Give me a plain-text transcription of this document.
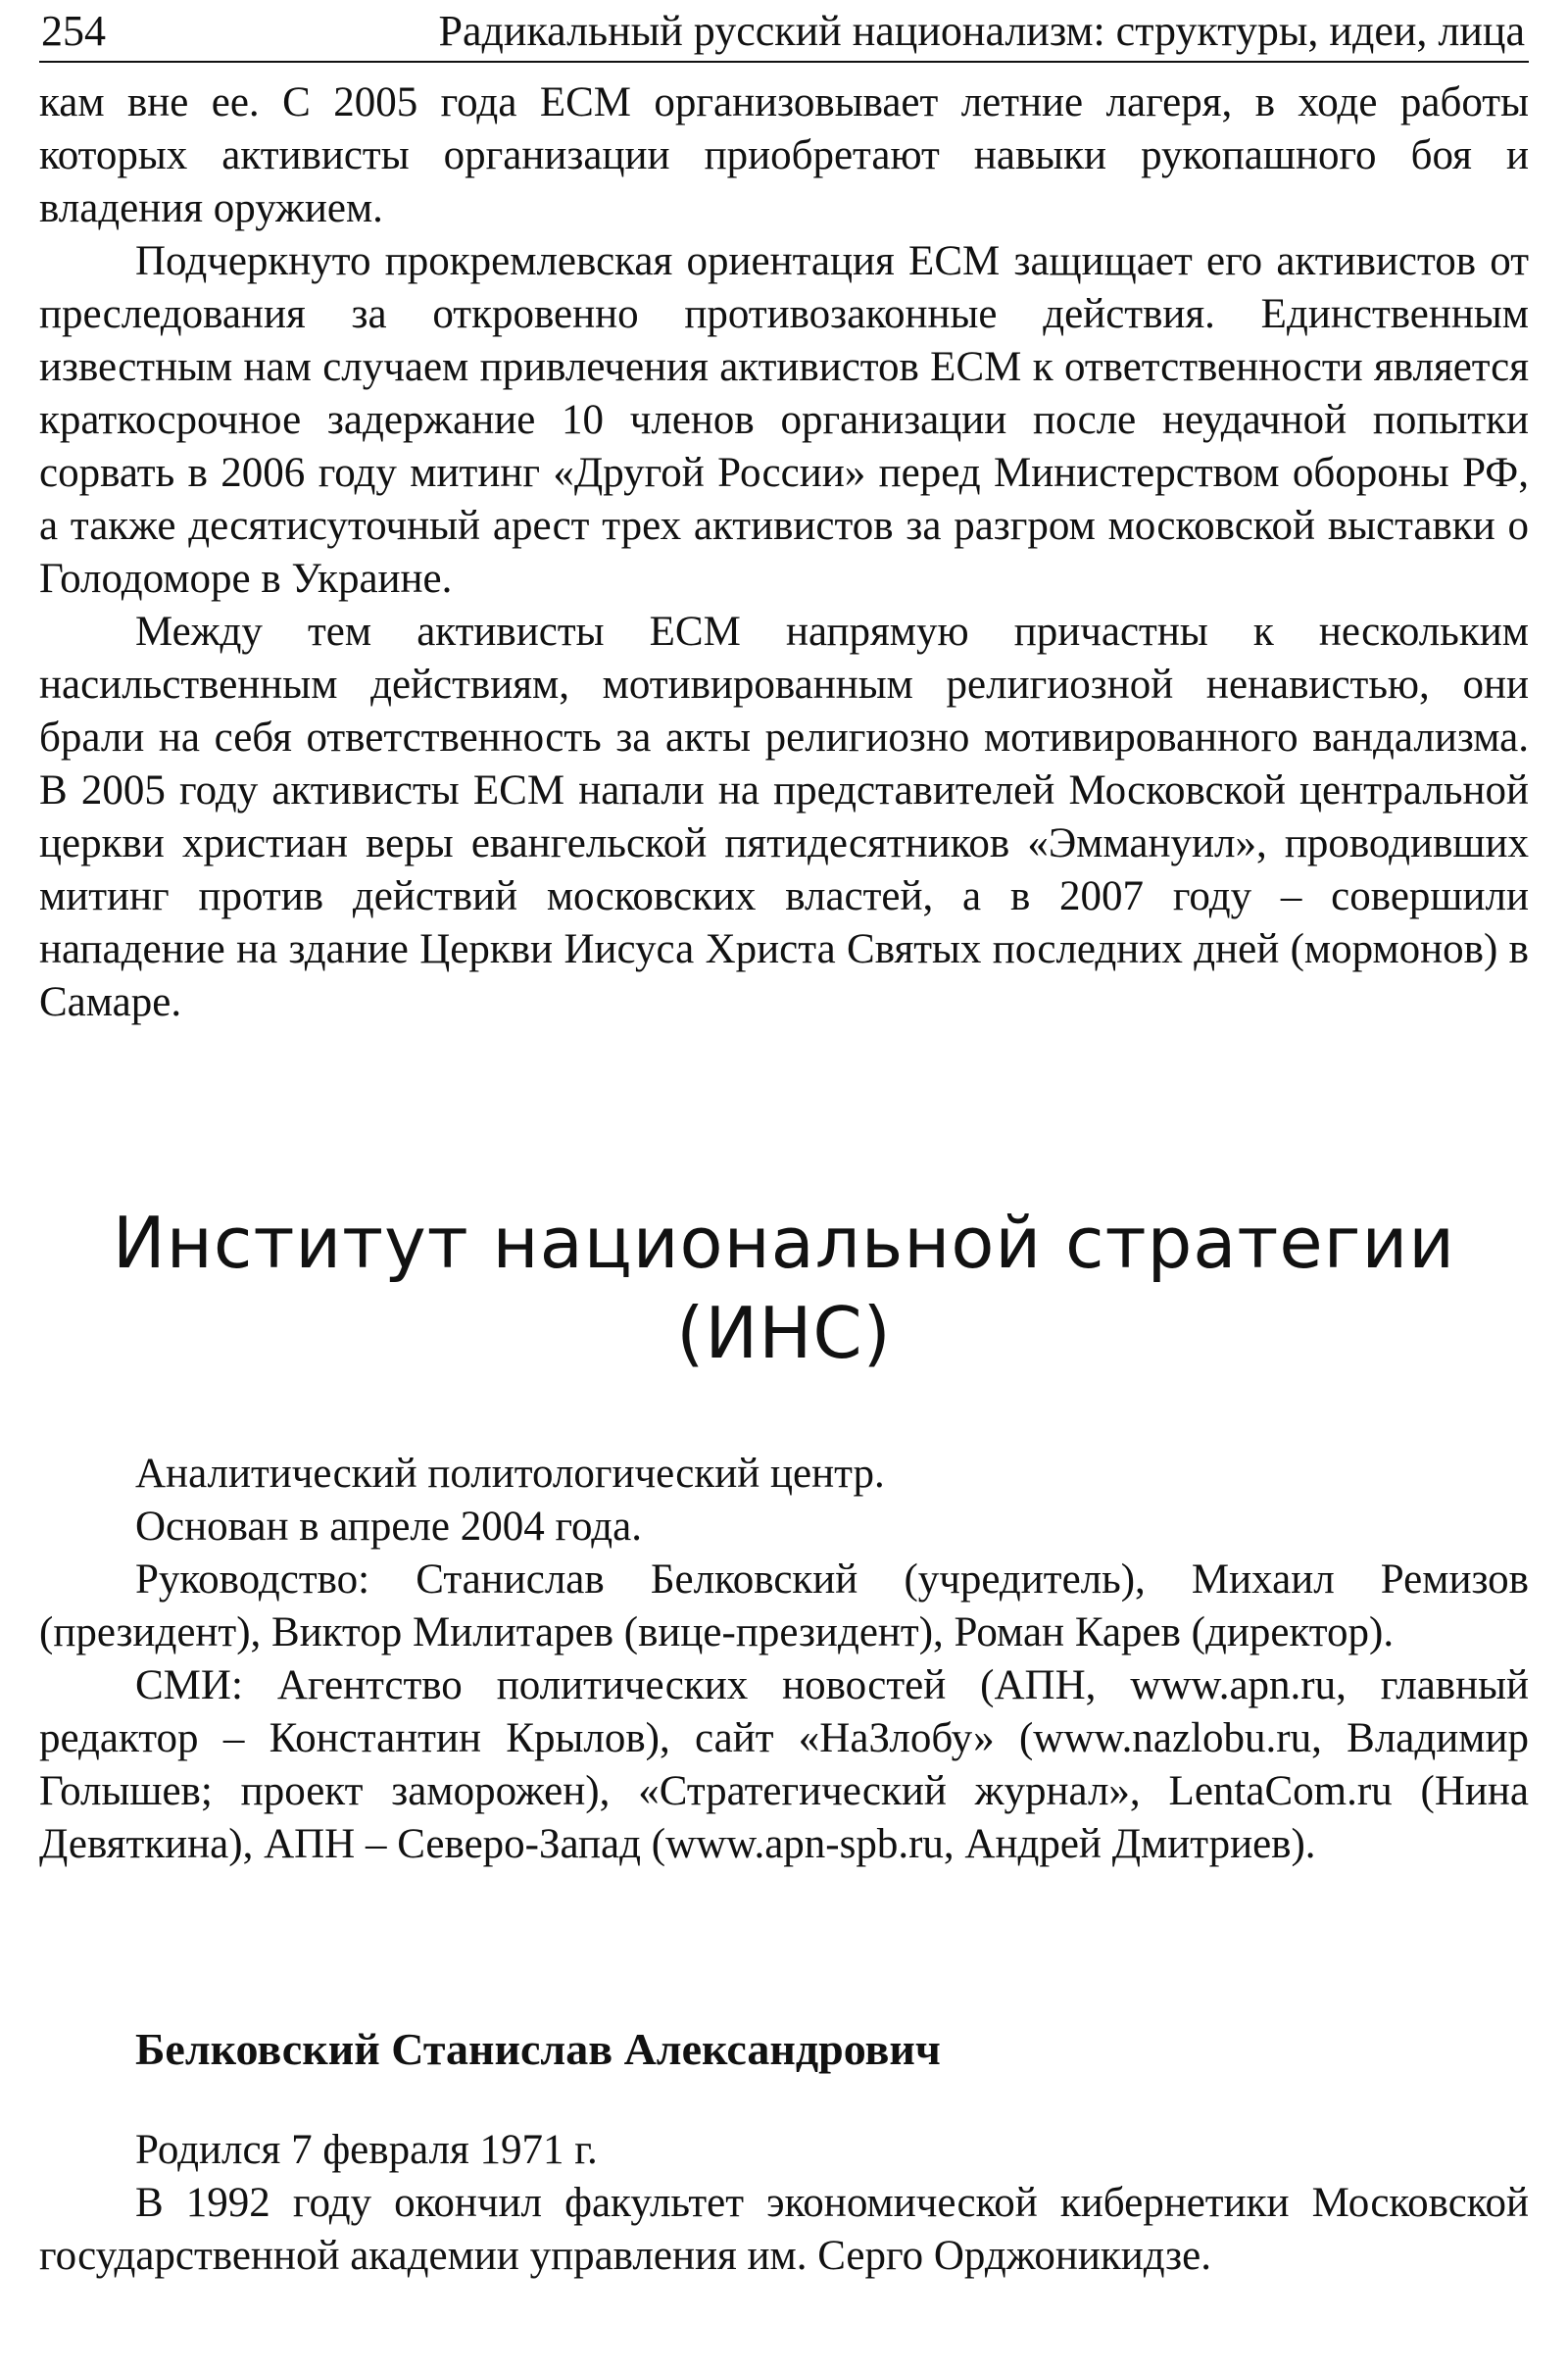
254	Радикальный русский национализм: структуры, идеи, лица

кам вне ее. С 2005 года ЕСМ организовывает летние лагеря, в ходе работы которых активисты организации приобретают навыки рукопашного боя и владения оружием.

Подчеркнуто прокремлевская ориентация ЕСМ защищает его активистов от преследования за откровенно противозаконные действия. Единственным известным нам случаем привлечения активистов ЕСМ к ответственности является краткосрочное задержание 10 членов организации после неудачной попытки сорвать в 2006 году митинг «Другой России» перед Министерством обороны РФ, а также десятисуточный арест трех активистов за разгром московской выставки о Голодоморе в Украине.

Между тем активисты ЕСМ напрямую причастны к нескольким насильственным действиям, мотивированным религиозной ненавистью, они брали на себя ответственность за акты религиозно мотивированного вандализма. В 2005 году активисты ЕСМ напали на представителей Московской центральной церкви христиан веры евангельской пятидесятников «Эммануил», проводивших митинг против действий московских властей, а в 2007 году – совершили нападение на здание Церкви Иисуса Христа Святых последних дней (мормонов) в Самаре.

Институт национальной стратегии
(ИНС)

Аналитический политологический центр.

Основан в апреле 2004 года.

Руководство: Станислав Белковский (учредитель), Михаил Ремизов (президент), Виктор Милитарев (вице-президент), Роман Карев (директор).

СМИ: Агентство политических новостей (АПН, www.apn.ru, главный редактор – Константин Крылов), сайт «НаЗлобу» (www.nazlobu.ru, Владимир Голышев; проект заморожен), «Стратегический журнал», LentaCom.ru (Нина Девяткина), АПН – Северо-Запад (www.apn-spb.ru, Андрей Дмитриев).

Белковский Станислав Александрович

Родился 7 февраля 1971 г.

В 1992 году окончил факультет экономической кибернетики Московской государственной академии управления им. Серго Орджоникидзе.
